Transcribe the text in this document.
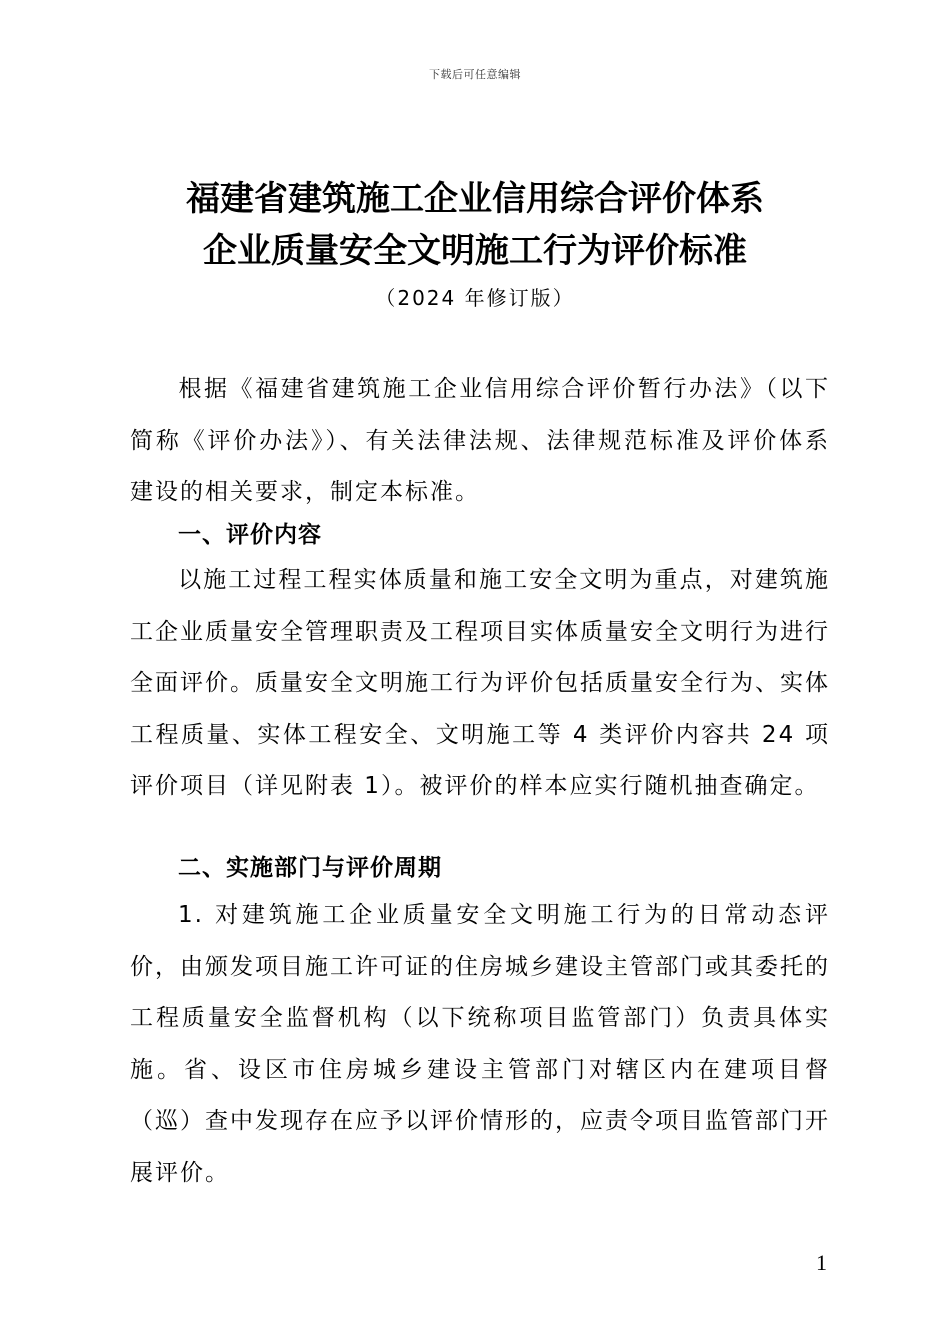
下载后可任意编辑
福建省建筑施工企业信用综合评价体系
企业质量安全文明施工行为评价标准
（2024 年修订版）
根据《福建省建筑施工企业信用综合评价暂行办法》（以下简称《评价办法》）、有关法律法规、法律规范标准及评价体系建设的相关要求，制定本标准。
一、评价内容
以施工过程工程实体质量和施工安全文明为重点，对建筑施工企业质量安全管理职责及工程项目实体质量安全文明行为进行全面评价。质量安全文明施工行为评价包括质量安全行为、实体工程质量、实体工程安全、文明施工等 4 类评价内容共 24 项评价项目（详见附表 1）。被评价的样本应实行随机抽查确定。
二、实施部门与评价周期
1. 对建筑施工企业质量安全文明施工行为的日常动态评价，由颁发项目施工许可证的住房城乡建设主管部门或其委托的工程质量安全监督机构（以下统称项目监管部门）负责具体实施。省、设区市住房城乡建设主管部门对辖区内在建项目督（巡）查中发现存在应予以评价情形的，应责令项目监管部门开展评价。
1
